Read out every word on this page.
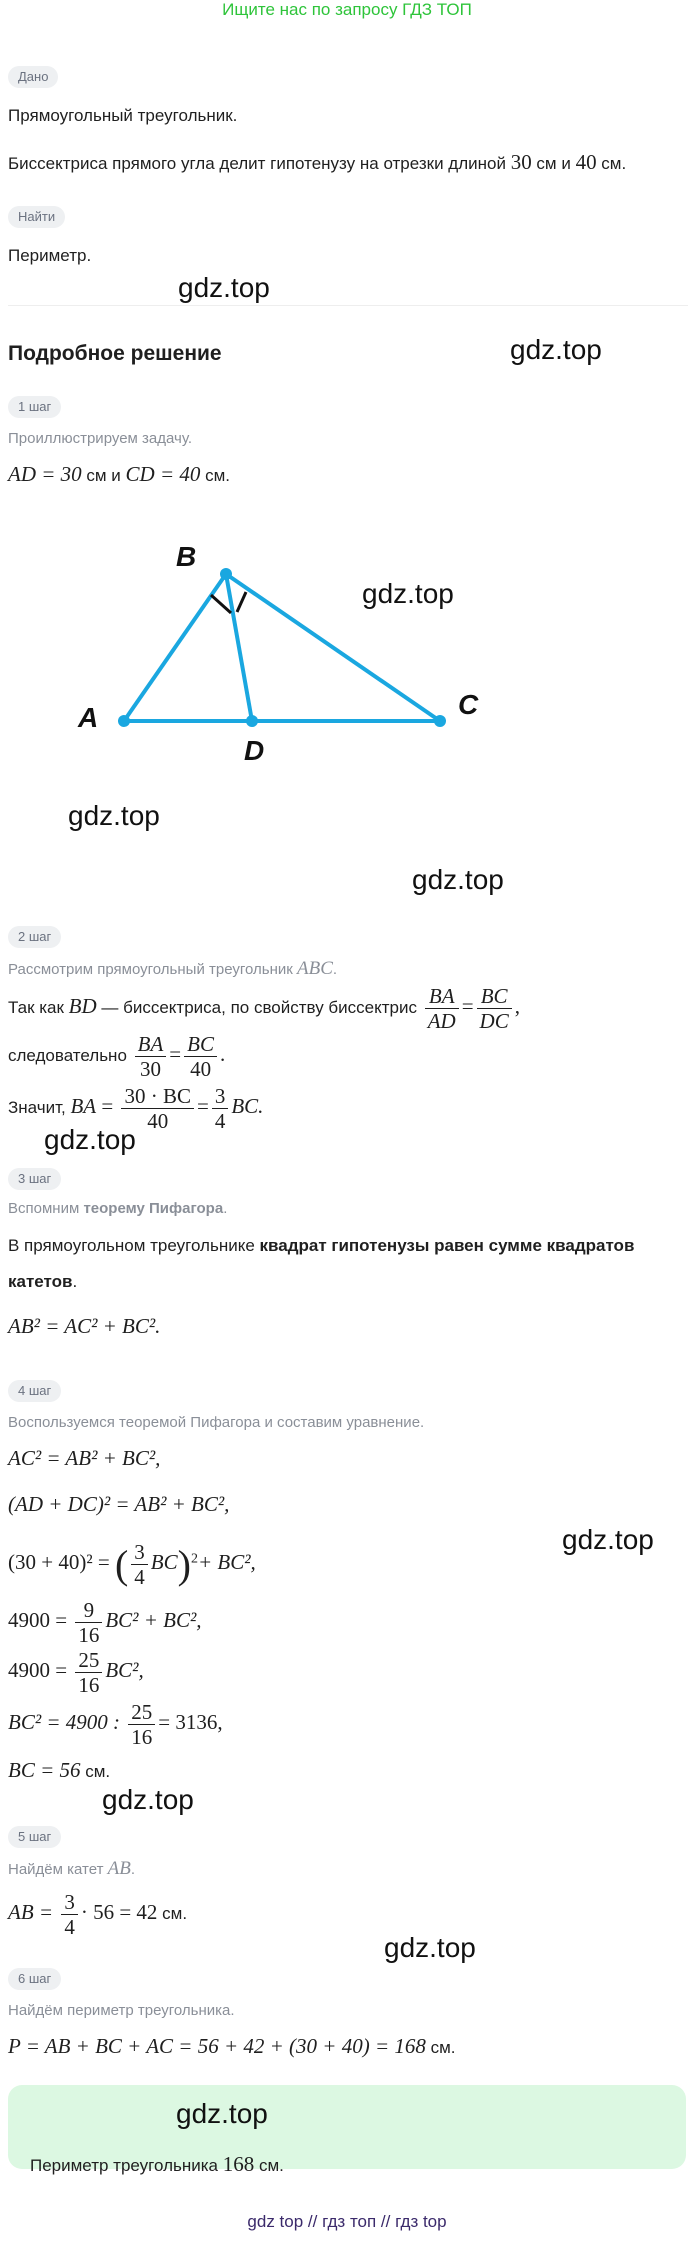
Ищите нас по запросу ГДЗ ТОП
Дано
Прямоугольный треугольник.
Биссектриса прямого угла делит гипотенузу на отрезки длиной 30 см и 40 см.
Найти
Периметр.
gdz.top
Подробное решение	gdz.top
1 шаг
Проиллюстрируем задачу.
AD = 30 см и CD = 40 см.
A
B
C
D
gdz.top
gdz.top
gdz.top
2 шаг
Рассмотрим прямоугольный треугольник ABC.
Так как BD — биссектриса, по свойству биссектрис $\frac{BA}{AD} = \frac{BC}{DC}$ ,
следовательно $\frac{BA}{30} = \frac{BC}{40}$ .
Значит, BA = $\frac{30 \cdot BC}{40} = \frac{3}{4}$ BC.
gdz.top
3 шаг
Вспомним теорему Пифагора.
В прямоугольном треугольнике квадрат гипотенузы равен сумме квадратов
катетов.
AB² = AC² + BC².
4 шаг
Воспользуемся теоремой Пифагора и составим уравнение.
AC² = AB² + BC²,
(AD + DC)² = AB² + BC²,
(30 + 40)² = ( $\frac{3}{4} BC)^2+ BC^2$,
gdz.top
$4900 = \frac{9}{16} BC^2 + BC^2$,
$4900 = \frac{25}{16} BC^2$,
BC² = 4900 : $\frac{25}{16} = 3136$,
BC = 56 см.
gdz.top
5 шаг
Найдём катет AB.
AB = $\frac{3}{4} \cdot 56 = 42$ см.
gdz.top
6 шаг
Найдём периметр треугольника.
P = AB + BC + AC = 56 + 42 + (30 + 40) = 168 см.
Периметр треугольника 168 см.
gdz.top
gdz top // гдз топ // гдз top
